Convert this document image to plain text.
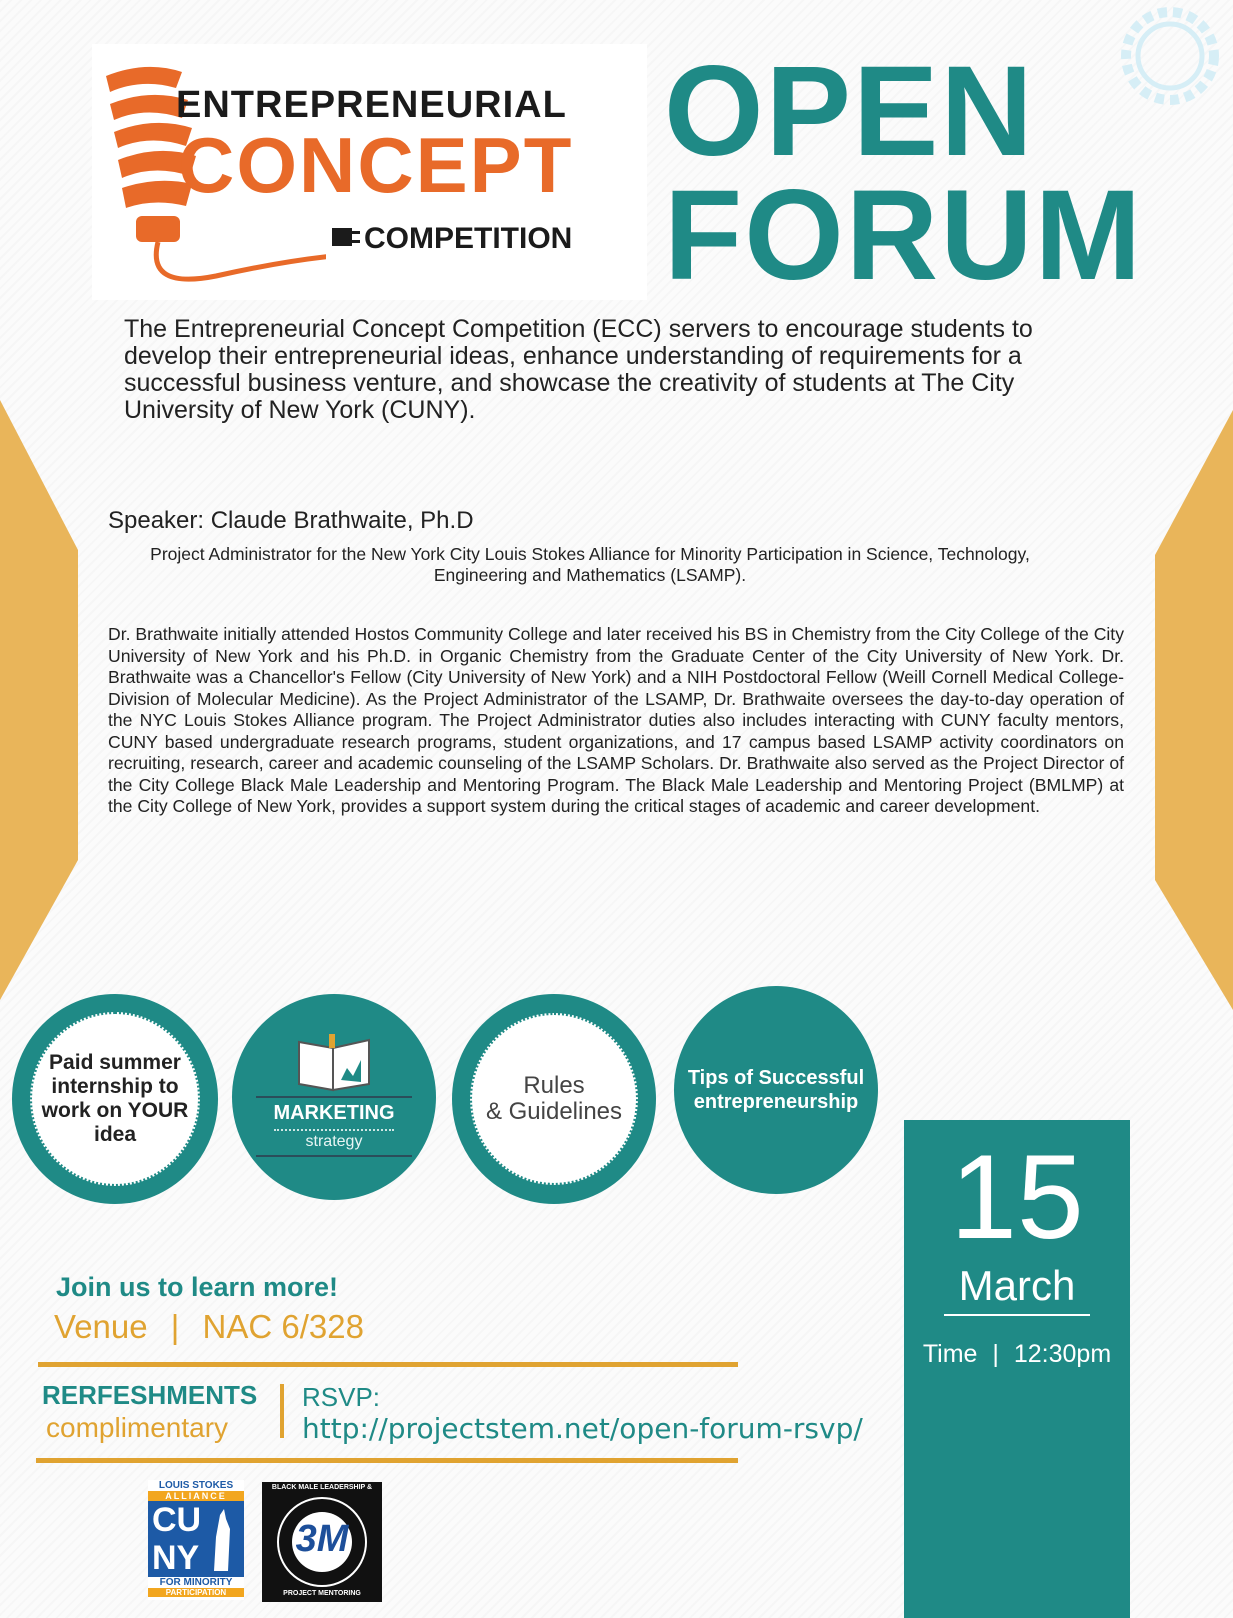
ENTREPRENEURIAL
CONCEPT
COMPETITION
OPEN
FORUM
The Entrepreneurial Concept Competition (ECC) servers to encourage students to develop their entrepreneurial ideas, enhance understanding of requirements for a successful business venture, and showcase the creativity of students at The City University of New York (CUNY).
Speaker: Claude Brathwaite, Ph.D
Project Administrator for the New York City Louis Stokes Alliance for Minority Participation in Science, Technology, Engineering and Mathematics (LSAMP).
Dr. Brathwaite initially attended Hostos Community College and later received his BS in Chemistry from the City College of the City University of New York and his Ph.D. in Organic Chemistry from the Graduate Center of the City University of New York. Dr. Brathwaite was a Chancellor's Fellow (City University of New York) and a NIH Postdoctoral Fellow (Weill Cornell Medical College-Division of Molecular Medicine). As the Project Administrator of the LSAMP, Dr. Brathwaite oversees the day-to-day operation of the NYC Louis Stokes Alliance program. The Project Administrator duties also includes interacting with CUNY faculty mentors, CUNY based undergraduate research programs, student organizations, and 17 campus based LSAMP activity coordinators on recruiting, research, career and academic counseling of the LSAMP Scholars. Dr. Brathwaite also served as the Project Director of the City College Black Male Leadership and Mentoring Program. The Black Male Leadership and Mentoring Project (BMLMP) at the City College of New York, provides a support system during the critical stages of academic and career development.
Paid summer internship to work on YOUR idea
MARKETING
strategy
Rules
& Guidelines
Tips of Successful
entrepreneurship
Join us to learn more!
Venue | NAC 6/328
RERFESHMENTS
complimentary
RSVP:
http://projectstem.net/open-forum-rsvp/
15
March
Time | 12:30pm
LOUIS STOKES
ALLIANCE
CU
NY
FOR MINORITY
PARTICIPATION
3M
BLACK MALE LEADERSHIP &
PROJECT MENTORING
